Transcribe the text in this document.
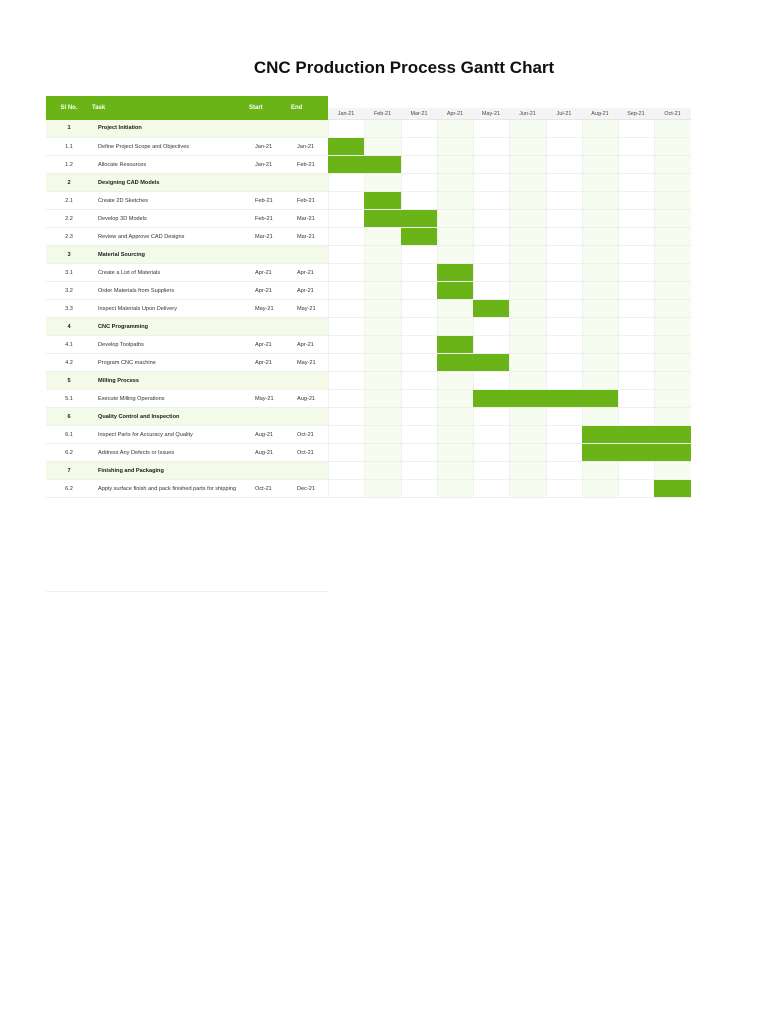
CNC Production Process Gantt Chart
Sl No.	Task	Start	End	Month 1	Month 2	Month 3	Month 4	Month 5	Month 6	Month 7	Month 8	Month 9	Month 10
				Jan-21	Feb-21	Mar-21	Apr-21	May-21	Jun-21	Jul-21	Aug-21	Sep-21	Oct-21
1	Project Initiation												
1.1	Define Project Scope and Objectives	Jan-21	Jan-21										
1.2	Allocate Resources	Jan-21	Feb-21										
2	Designing CAD Models												
2.1	Create 2D Sketches	Feb-21	Feb-21										
2.2	Develop 3D Models	Feb-21	Mar-21										
2.3	Review and Approve CAD Designs	Mar-21	Mar-21										
3	Material Sourcing												
3.1	Create a List of Materials	Apr-21	Apr-21										
3.2	Order Materials from Suppliers	Apr-21	Apr-21										
3.3	Inspect Materials Upon Delivery	May-21	May-21										
4	CNC Programming												
4.1	Develop Toolpaths	Apr-21	Apr-21										
4.2	Program CNC machine	Apr-21	May-21										
5	Milling Process												
5.1	Execute Milling Operations	May-21	Aug-21										
6	Quality Control and Inspection												
6.1	Inspect Parts for Accuracy and Quality	Aug-21	Oct-21										
6.2	Address Any Defects or Issues	Aug-21	Oct-21										
7	Finishing and Packaging												
6.2	Apply surface finish and pack finished parts for shipping	Oct-21	Dec-21										
